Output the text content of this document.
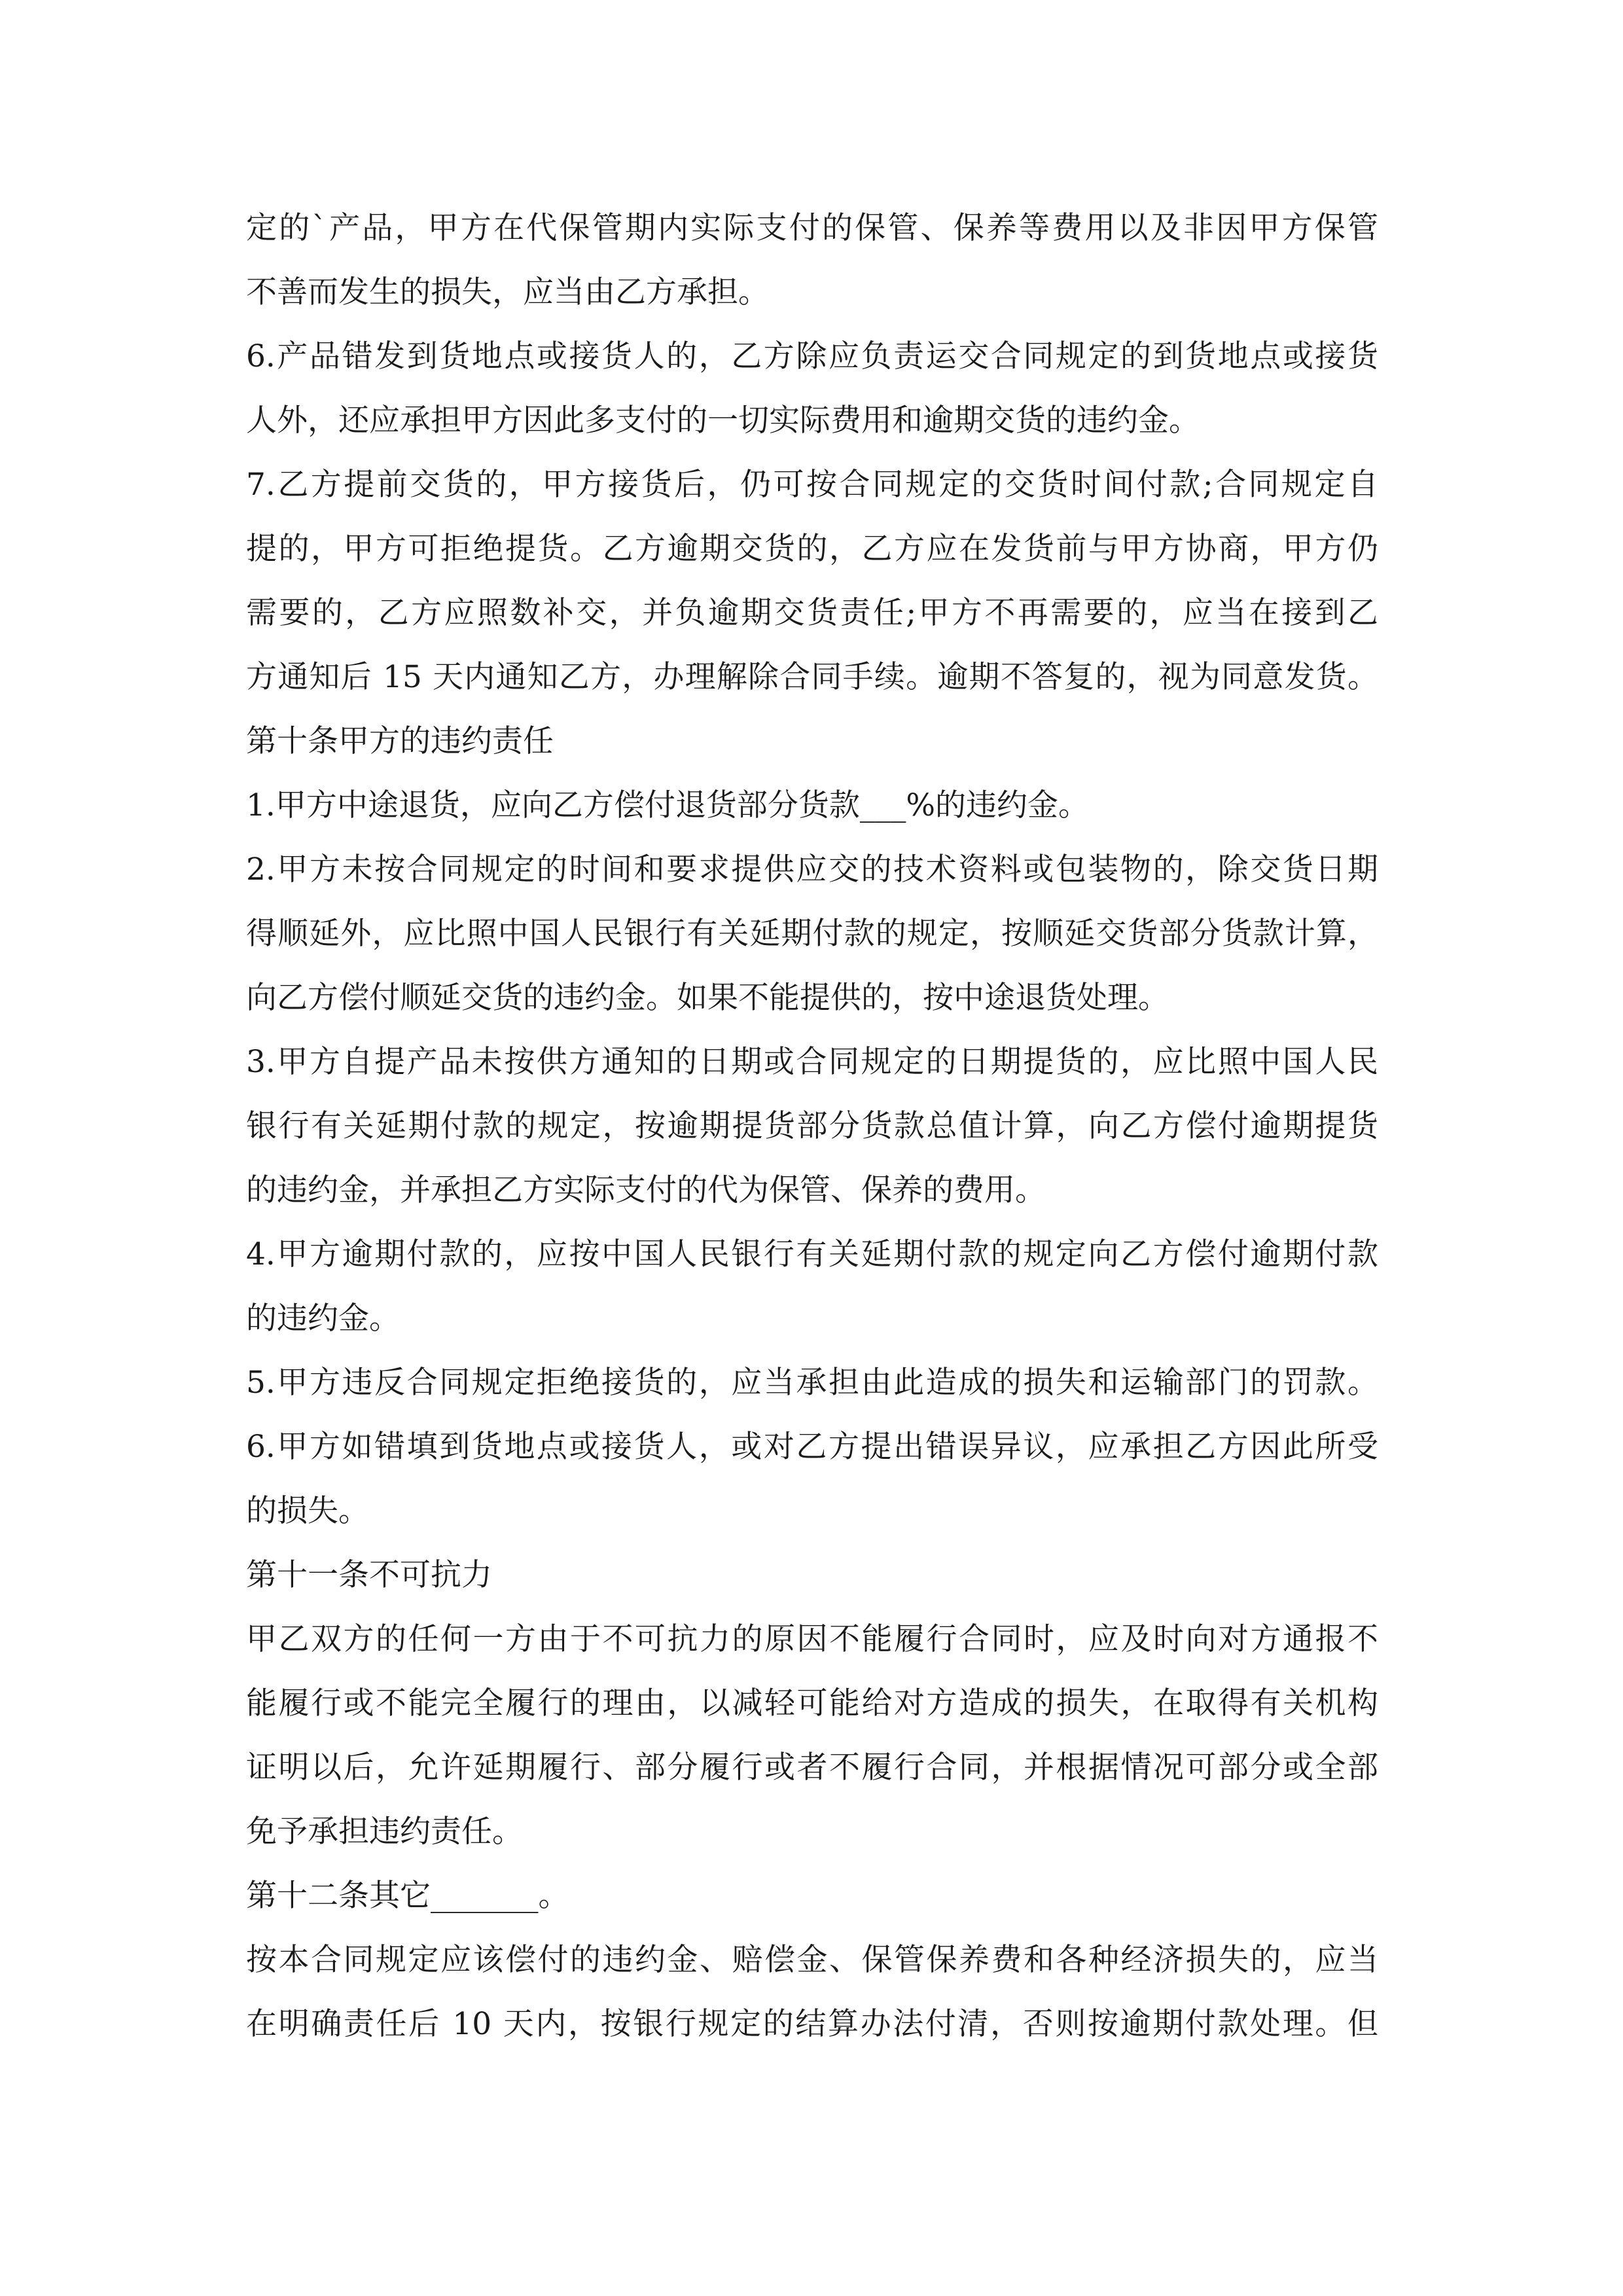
定的`产品，甲方在代保管期内实际支付的保管、保养等费用以及非因甲方保管
不善而发生的损失，应当由乙方承担。
6.产品错发到货地点或接货人的，乙方除应负责运交合同规定的到货地点或接货
人外，还应承担甲方因此多支付的一切实际费用和逾期交货的违约金。
7.乙方提前交货的，甲方接货后，仍可按合同规定的交货时间付款;合同规定自
提的，甲方可拒绝提货。乙方逾期交货的，乙方应在发货前与甲方协商，甲方仍
需要的，乙方应照数补交，并负逾期交货责任;甲方不再需要的，应当在接到乙
方通知后 15 天内通知乙方，办理解除合同手续。逾期不答复的，视为同意发货。
第十条甲方的违约责任
1.甲方中途退货，应向乙方偿付退货部分货款___%的违约金。
2.甲方未按合同规定的时间和要求提供应交的技术资料或包装物的，除交货日期
得顺延外，应比照中国人民银行有关延期付款的规定，按顺延交货部分货款计算，
向乙方偿付顺延交货的违约金。如果不能提供的，按中途退货处理。
3.甲方自提产品未按供方通知的日期或合同规定的日期提货的，应比照中国人民
银行有关延期付款的规定，按逾期提货部分货款总值计算，向乙方偿付逾期提货
的违约金，并承担乙方实际支付的代为保管、保养的费用。
4.甲方逾期付款的，应按中国人民银行有关延期付款的规定向乙方偿付逾期付款
的违约金。
5.甲方违反合同规定拒绝接货的，应当承担由此造成的损失和运输部门的罚款。
6.甲方如错填到货地点或接货人，或对乙方提出错误异议，应承担乙方因此所受
的损失。
第十一条不可抗力
甲乙双方的任何一方由于不可抗力的原因不能履行合同时，应及时向对方通报不
能履行或不能完全履行的理由，以减轻可能给对方造成的损失，在取得有关机构
证明以后，允许延期履行、部分履行或者不履行合同，并根据情况可部分或全部
免予承担违约责任。
第十二条其它_______。
按本合同规定应该偿付的违约金、赔偿金、保管保养费和各种经济损失的，应当
在明确责任后 10 天内，按银行规定的结算办法付清，否则按逾期付款处理。但
